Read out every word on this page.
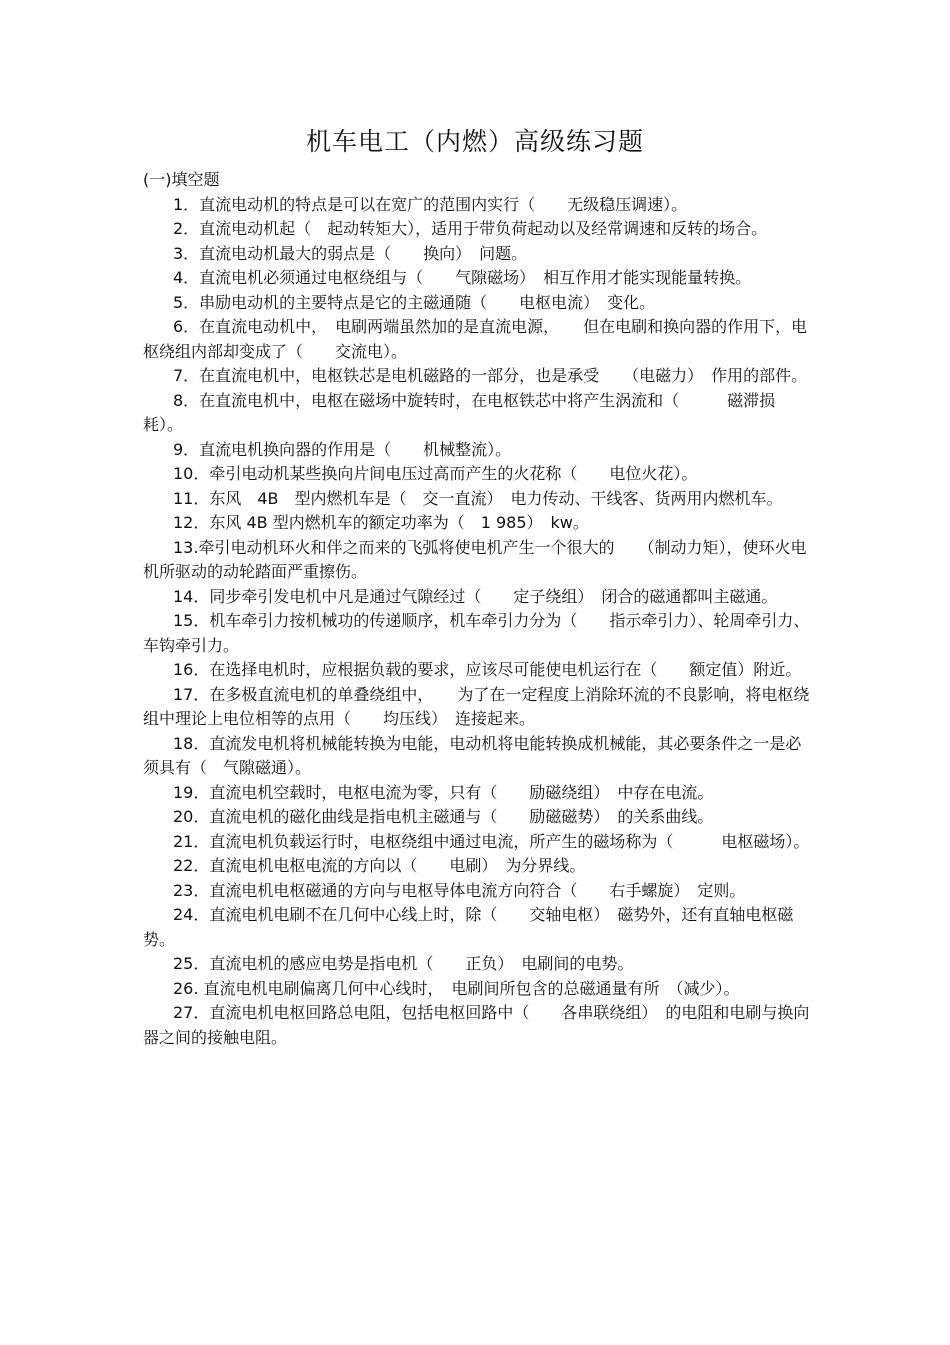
机车电工（内燃）高级练习题

(一)填空题

1．直流电动机的特点是可以在宽广的范围内实行（　　无级稳压调速）。

2．直流电动机起（　起动转矩大），适用于带负荷起动以及经常调速和反转的场合。

3．直流电动机最大的弱点是（　　换向）　问题。

4．直流电机必须通过电枢绕组与（　　气隙磁场）　相互作用才能实现能量转换。

5．串励电动机的主要特点是它的主磁通随（　　电枢电流）　变化。

6．在直流电动机中，　电刷两端虽然加的是直流电源，　　但在电刷和换向器的作用下，电枢绕组内部却变成了（　　交流电）。

7．在直流电机中，电枢铁芯是电机磁路的一部分，也是承受　　（电磁力）　作用的部件。

8．在直流电机中，电枢在磁场中旋转时，在电枢铁芯中将产生涡流和（　　　磁滞损耗）。

9．直流电机换向器的作用是（　　机械整流）。

10．牵引电动机某些换向片间电压过高而产生的火花称（　　电位火花）。

11．东风　4B　型内燃机车是（　交一直流）　电力传动、干线客、货两用内燃机车。

12．东风 4B 型内燃机车的额定功率为（　1 985）　kw。

13.牵引电动机环火和伴之而来的飞弧将使电机产生一个很大的　　（制动力矩），使环火电机所驱动的动轮踏面严重擦伤。

14．同步牵引发电机中凡是通过气隙经过（　　定子绕组）　闭合的磁通都叫主磁通。

15．机车牵引力按机械功的传递顺序，机车牵引力分为（　　指示牵引力）、轮周牵引力、车钩牵引力。

16．在选择电机时，应根据负载的要求，应该尽可能使电机运行在（　　额定值）附近。

17．在多极直流电机的单叠绕组中，　　为了在一定程度上消除环流的不良影响，将电枢绕组中理论上电位相等的点用（　　均压线）　连接起来。

18．直流发电机将机械能转换为电能，电动机将电能转换成机械能，其必要条件之一是必须具有（　气隙磁通）。

19．直流电机空载时，电枢电流为零，只有（　　励磁绕组）　中存在电流。

20．直流电机的磁化曲线是指电机主磁通与（　　励磁磁势）　的关系曲线。

21．直流电机负载运行时，电枢绕组中通过电流，所产生的磁场称为（　　　电枢磁场）。

22．直流电机电枢电流的方向以（　　电刷）　为分界线。

23．直流电机电枢磁通的方向与电枢导体电流方向符合（　　右手螺旋）　定则。

24．直流电机电刷不在几何中心线上时，除（　　交轴电枢）　磁势外，还有直轴电枢磁势。

25．直流电机的感应电势是指电机（　　正负）　电刷间的电势。

26. 直流电机电刷偏离几何中心线时，　电刷间所包含的总磁通量有所　（减少）。

27．直流电机电枢回路总电阻，包括电枢回路中（　　各串联绕组）　的电阻和电刷与换向器之间的接触电阻。
